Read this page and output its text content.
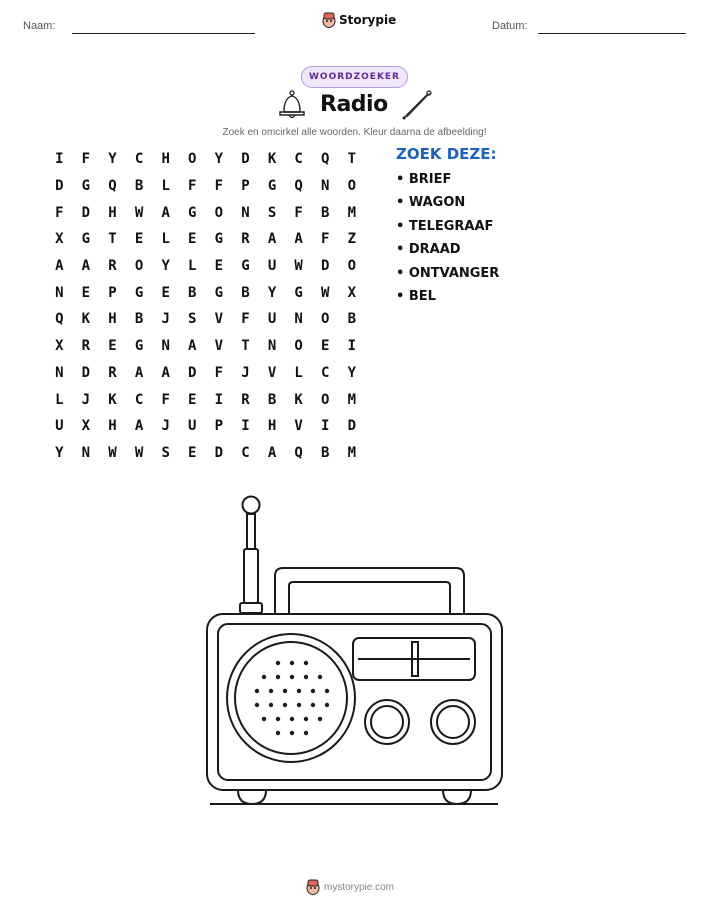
Naam:	Storypie	Datum:
WOORDZOEKER
Radio
Zoek en omcirkel alle woorden. Kleur daarna de afbeelding!
I	F	Y	C	H	O	Y	D	K	C	Q	T
D	G	Q	B	L	F	F	P	G	Q	N	O
F	D	H	W	A	G	O	N	S	F	B	M
X	G	T	E	L	E	G	R	A	A	F	Z
A	A	R	O	Y	L	E	G	U	W	D	O
N	E	P	G	E	B	G	B	Y	G	W	X
Q	K	H	B	J	S	V	F	U	N	O	B
X	R	E	G	N	A	V	T	N	O	E	I
N	D	R	A	A	D	F	J	V	L	C	Y
L	J	K	C	F	E	I	R	B	K	O	M
U	X	H	A	J	U	P	I	H	V	I	D
Y	N	W	W	S	E	D	C	A	Q	B	M
ZOEK DEZE:
• BRIEF
• WAGON
• TELEGRAAF
• DRAAD
• ONTVANGER
• BEL
mystorypie.com
